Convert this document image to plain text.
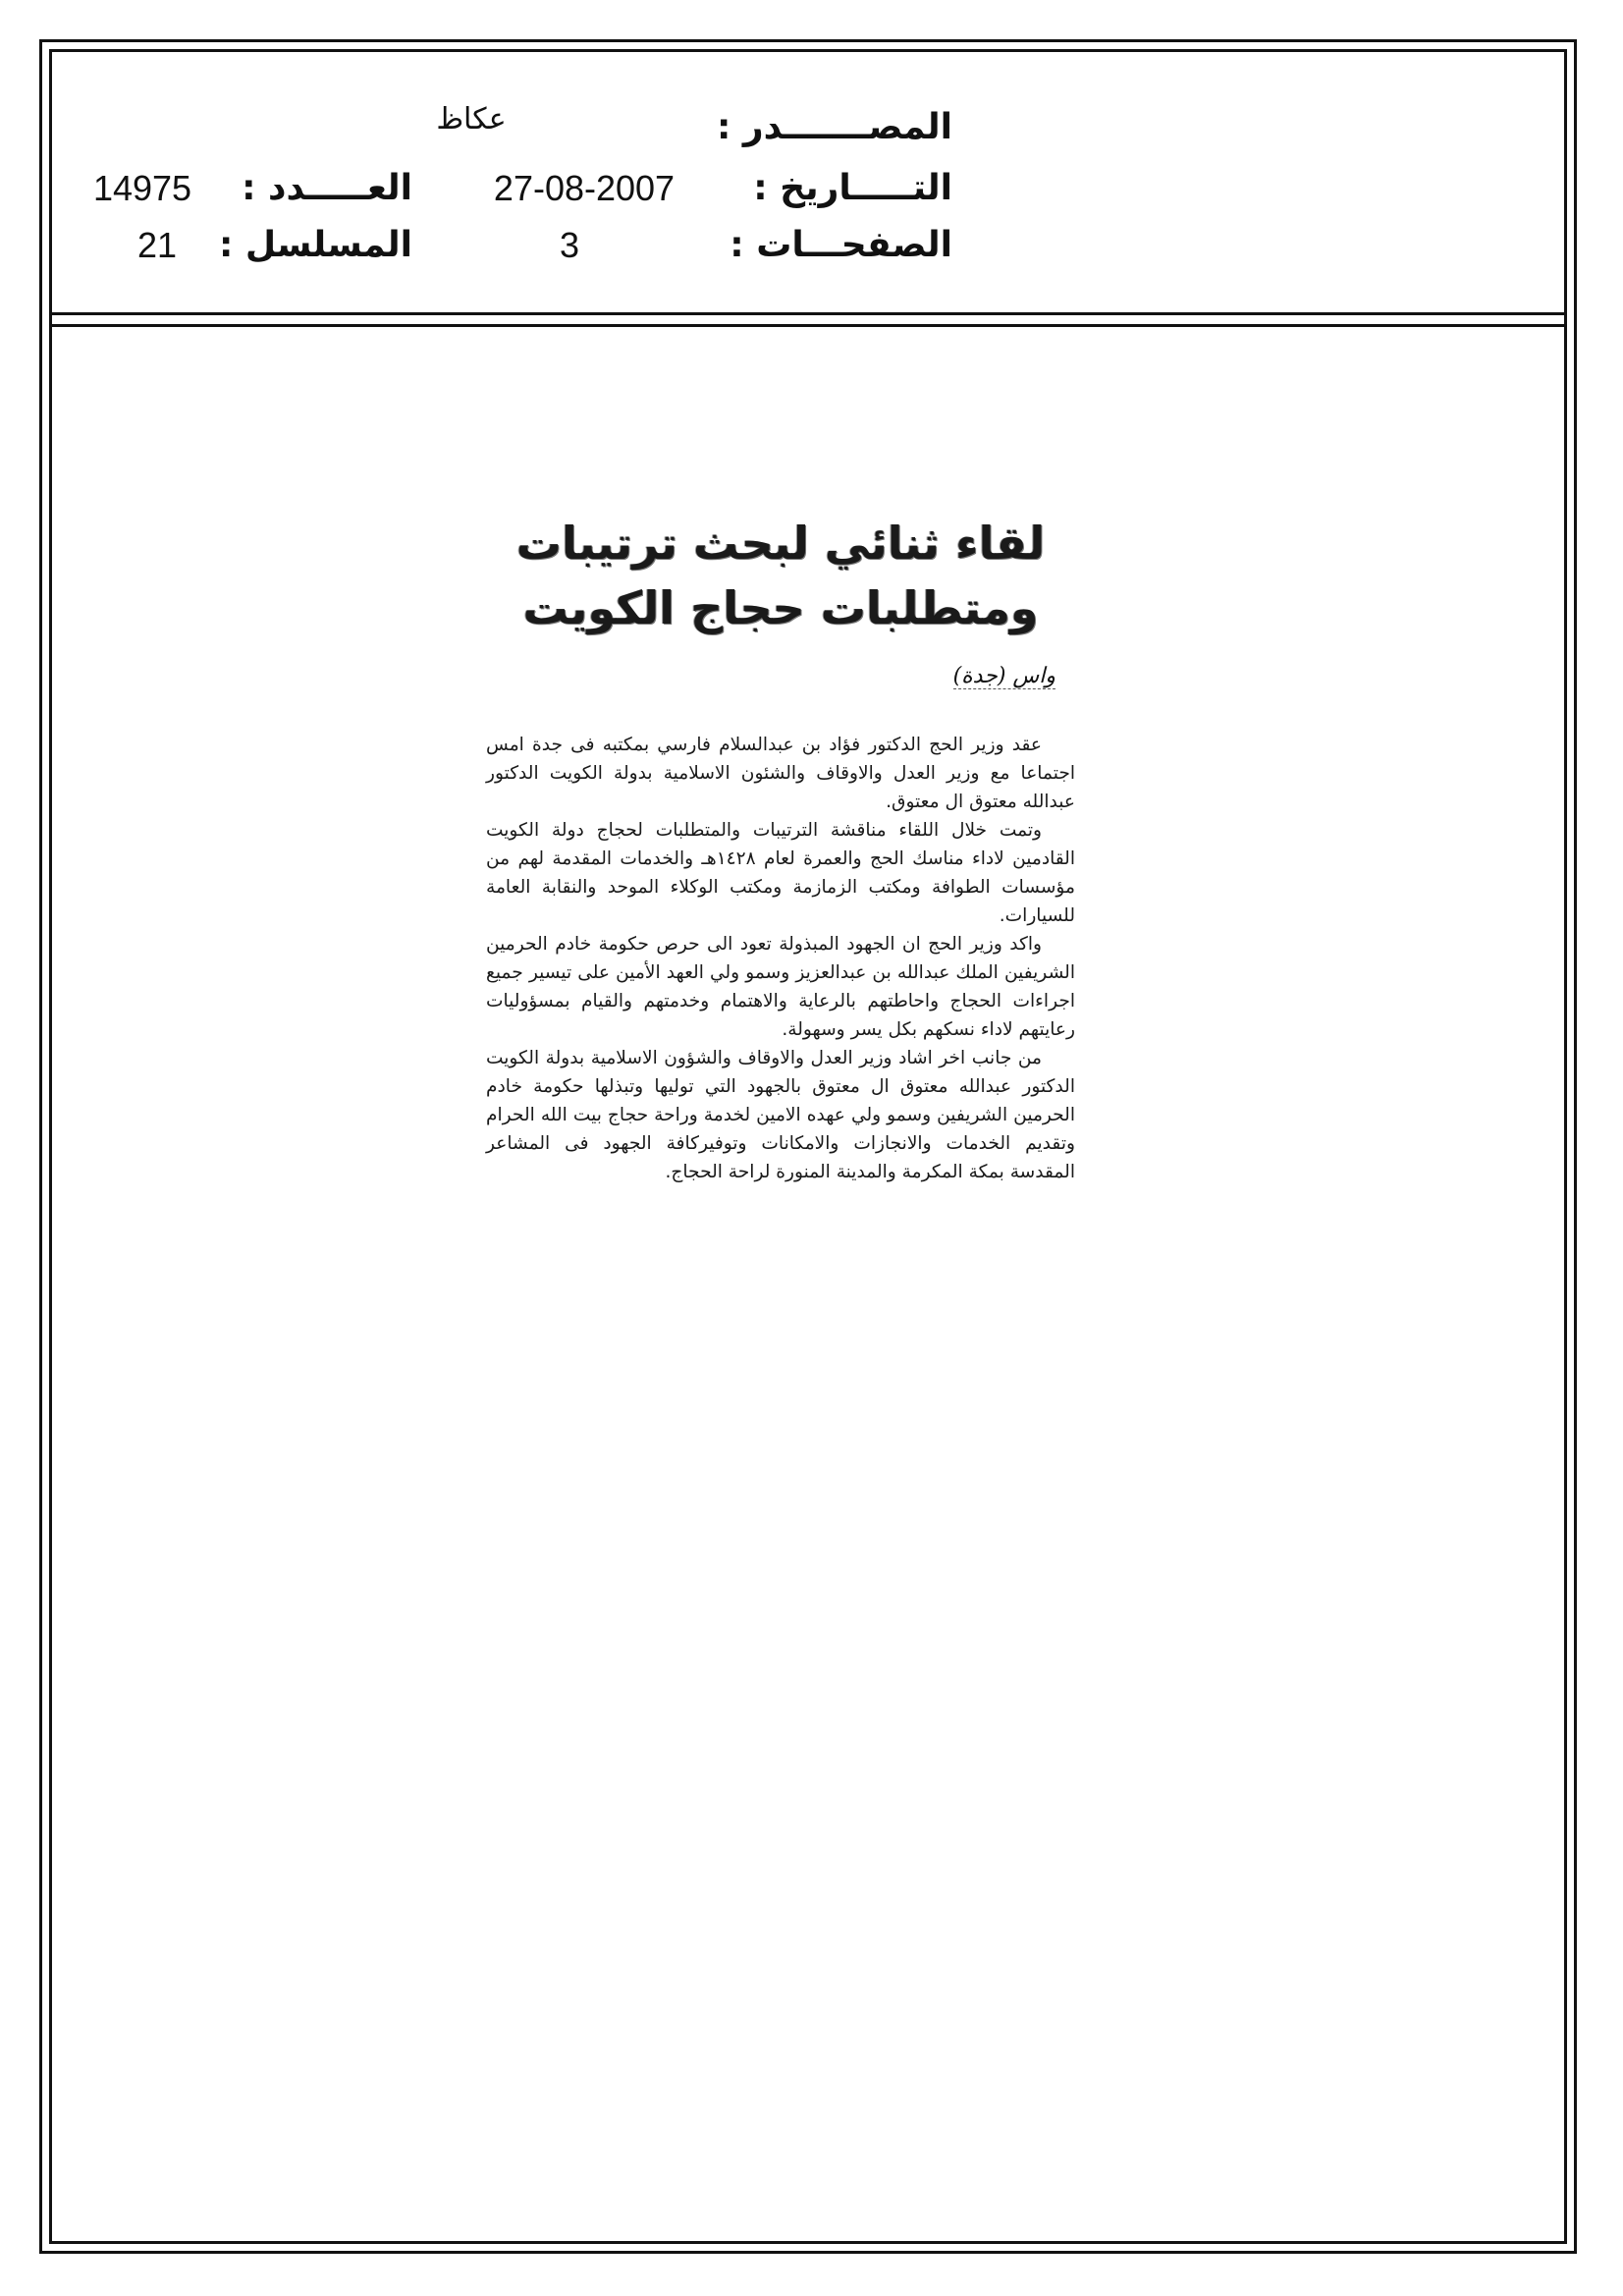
المصـــــــدر :
التـــــاريخ :
الصفحـــات :
عكاظ
27-08-2007
3
العـــــدد :
المسلسل :
14975
21
لقاء ثنائي لبحث ترتيبات
ومتطلبات حجاج الكويت
واس (جدة)

عقد وزير الحج الدكتور فؤاد بن عبدالسلام فارسي بمكتبه فى جدة امس اجتماعا مع وزير العدل والاوقاف والشئون الاسلامية بدولة الكويت الدكتور عبدالله معتوق ال معتوق.

وتمت خلال اللقاء مناقشة الترتيبات والمتطلبات لحجاج دولة الكويت القادمين لاداء مناسك الحج والعمرة لعام ١٤٢٨هـ والخدمات المقدمة لهم من مؤسسات الطوافة ومكتب الزمازمة ومكتب الوكلاء الموحد والنقابة العامة للسيارات.

واكد وزير الحج ان الجهود المبذولة تعود الى حرص حكومة خادم الحرمين الشريفين الملك عبدالله بن عبدالعزيز وسمو ولي العهد الأمين على تيسير جميع اجراءات الحجاج واحاطتهم بالرعاية والاهتمام وخدمتهم والقيام بمسؤوليات رعايتهم لاداء نسكهم بكل يسر وسهولة.

من جانب اخر اشاد وزير العدل والاوقاف والشؤون الاسلامية بدولة الكويت الدكتور عبدالله معتوق ال معتوق بالجهود التي توليها وتبذلها حكومة خادم الحرمين الشريفين وسمو ولي عهده الامين لخدمة وراحة حجاج بيت الله الحرام وتقديم الخدمات والانجازات والامكانات وتوفيركافة الجهود فى المشاعر المقدسة بمكة المكرمة والمدينة المنورة لراحة الحجاج.
